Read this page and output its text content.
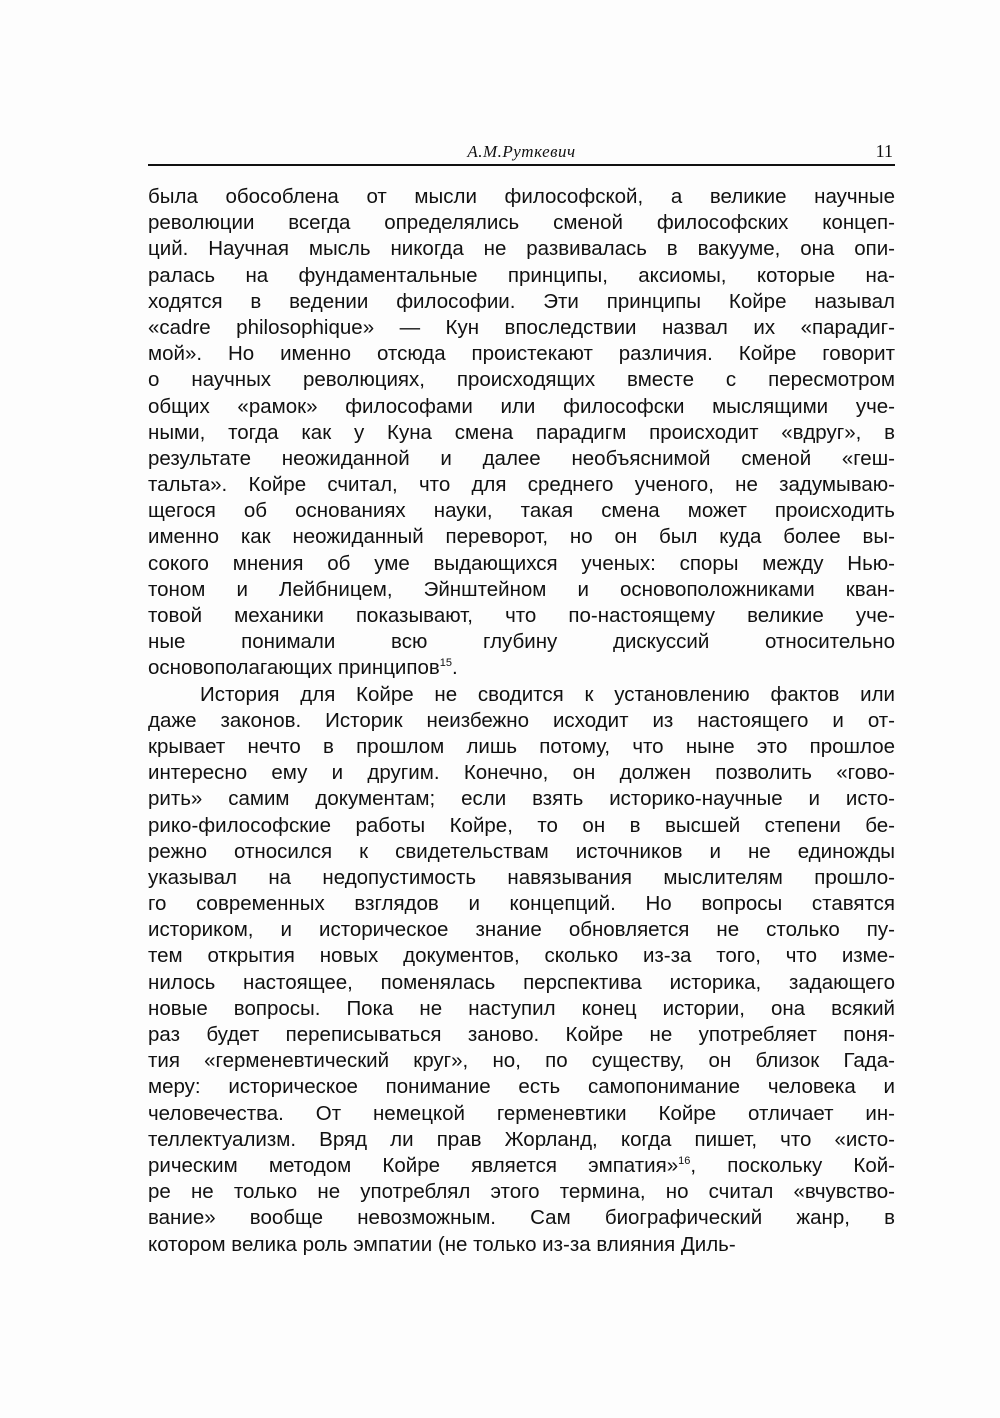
А.М.Руткевич	11
была обособлена от мысли философской, а великие научные
революции всегда определялись сменой философских концеп-
ций. Научная мысль никогда не развивалась в вакууме, она опи-
ралась на фундаментальные принципы, аксиомы, которые на-
ходятся в ведении философии. Эти принципы Койре называл
«cadre philosophique» — Кун впоследствии назвал их «парадиг-
мой». Но именно отсюда проистекают различия. Койре говорит
о научных революциях, происходящих вместе с пересмотром
общих «рамок» философами или философски мыслящими уче-
ными, тогда как у Куна смена парадигм происходит «вдруг», в
результате неожиданной и далее необъяснимой сменой «геш-
тальта». Койре считал, что для среднего ученого, не задумываю-
щегося об основаниях науки, такая смена может происходить
именно как неожиданный переворот, но он был куда более вы-
сокого мнения об уме выдающихся ученых: споры между Нью-
тоном и Лейбницем, Эйнштейном и основоположниками кван-
товой механики показывают, что по-настоящему великие уче-
ные понимали всю глубину дискуссий относительно
основополагающих принципов$^{15}$.
История для Койре не сводится к установлению фактов или
даже законов. Историк неизбежно исходит из настоящего и от-
крывает нечто в прошлом лишь потому, что ныне это прошлое
интересно ему и другим. Конечно, он должен позволить «гово-
рить» самим документам; если взять историко-научные и исто-
рико-философские работы Койре, то он в высшей степени бе-
режно относился к свидетельствам источников и не единожды
указывал на недопустимость навязывания мыслителям прошло-
го современных взглядов и концепций. Но вопросы ставятся
историком, и историческое знание обновляется не столько пу-
тем открытия новых документов, сколько из-за того, что изме-
нилось настоящее, поменялась перспектива историка, задающего
новые вопросы. Пока не наступил конец истории, она всякий
раз будет переписываться заново. Койре не употребляет поня-
тия «герменевтический круг», но, по существу, он близок Гада-
меру: историческое понимание есть самопонимание человека и
человечества. От немецкой герменевтики Койре отличает ин-
теллектуализм. Вряд ли прав Жорланд, когда пишет, что «исто-
рическим методом Койре является эмпатия»$^{16}$, поскольку Кой-
ре не только не употреблял этого термина, но считал «вчувство-
вание» вообще невозможным. Сам биографический жанр, в
котором велика роль эмпатии (не только из-за влияния Диль-
